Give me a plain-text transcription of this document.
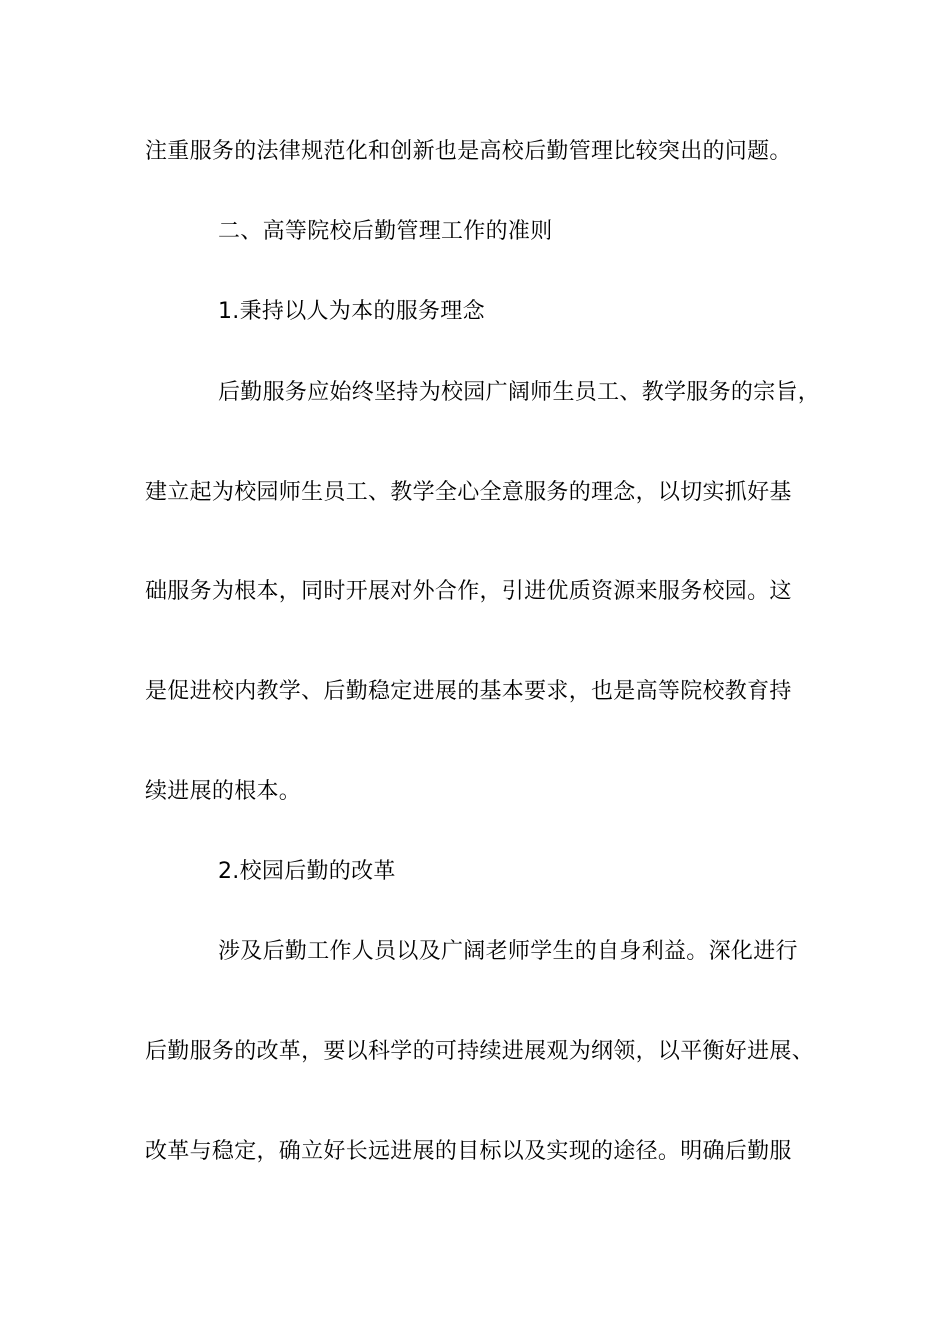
注重服务的法律规范化和创新也是高校后勤管理比较突出的问题。
二、高等院校后勤管理工作的准则
1.秉持以人为本的服务理念
后勤服务应始终坚持为校园广阔师生员工、教学服务的宗旨，
建立起为校园师生员工、教学全心全意服务的理念，以切实抓好基
础服务为根本，同时开展对外合作，引进优质资源来服务校园。这
是促进校内教学、后勤稳定进展的基本要求，也是高等院校教育持
续进展的根本。
2.校园后勤的改革
涉及后勤工作人员以及广阔老师学生的自身利益。深化进行
后勤服务的改革，要以科学的可持续进展观为纲领，以平衡好进展、
改革与稳定，确立好长远进展的目标以及实现的途径。明确后勤服
